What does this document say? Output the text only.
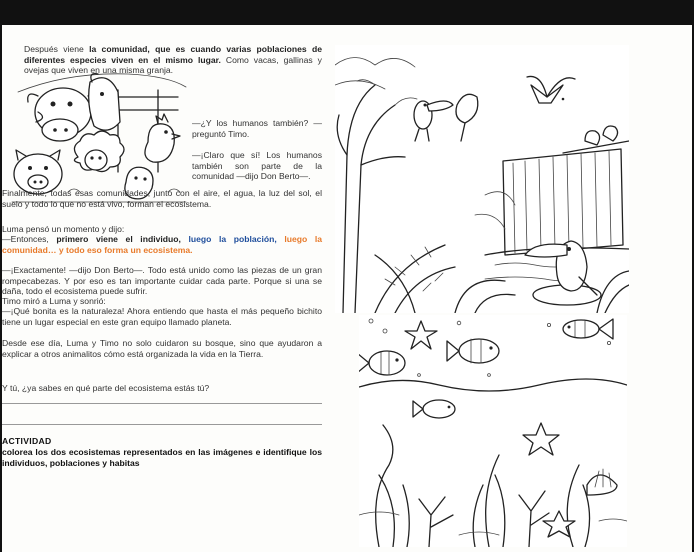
Después viene la comunidad, que es cuando varias poblaciones de diferentes especies viven en el mismo lugar. Como vacas, gallinas y ovejas que viven en una misma granja.
—¿Y los humanos también? —preguntó Timo.
—¡Claro que sí! Los humanos también son parte de la comunidad —dijo Don Berto—.
Finalmente, todas esas comunidades, junto con el aire, el agua, la luz del sol, el suelo y todo lo que no está vivo, forman el ecosistema.
Luma pensó un momento y dijo:
—Entonces, primero viene el individuo, luego la población, luego la comunidad… y todo eso forma un ecosistema.
—¡Exactamente! —dijo Don Berto—. Todo está unido como las piezas de un gran rompecabezas. Y por eso es tan importante cuidar cada parte. Porque si una se daña, todo el ecosistema puede sufrir.
Timo miró a Luma y sonrió:
—¡Qué bonita es la naturaleza! Ahora entiendo que hasta el más pequeño bichito tiene un lugar especial en este gran equipo llamado planeta.
Desde ese día, Luma y Timo no solo cuidaron su bosque, sino que ayudaron a explicar a otros animalitos cómo está organizada la vida en la Tierra.
Y tú, ¿ya sabes en qué parte del ecosistema estás tú?
ACTIVIDAD
colorea los dos ecosistemas representados en las imágenes e identifique los individuos, poblaciones y habitas
